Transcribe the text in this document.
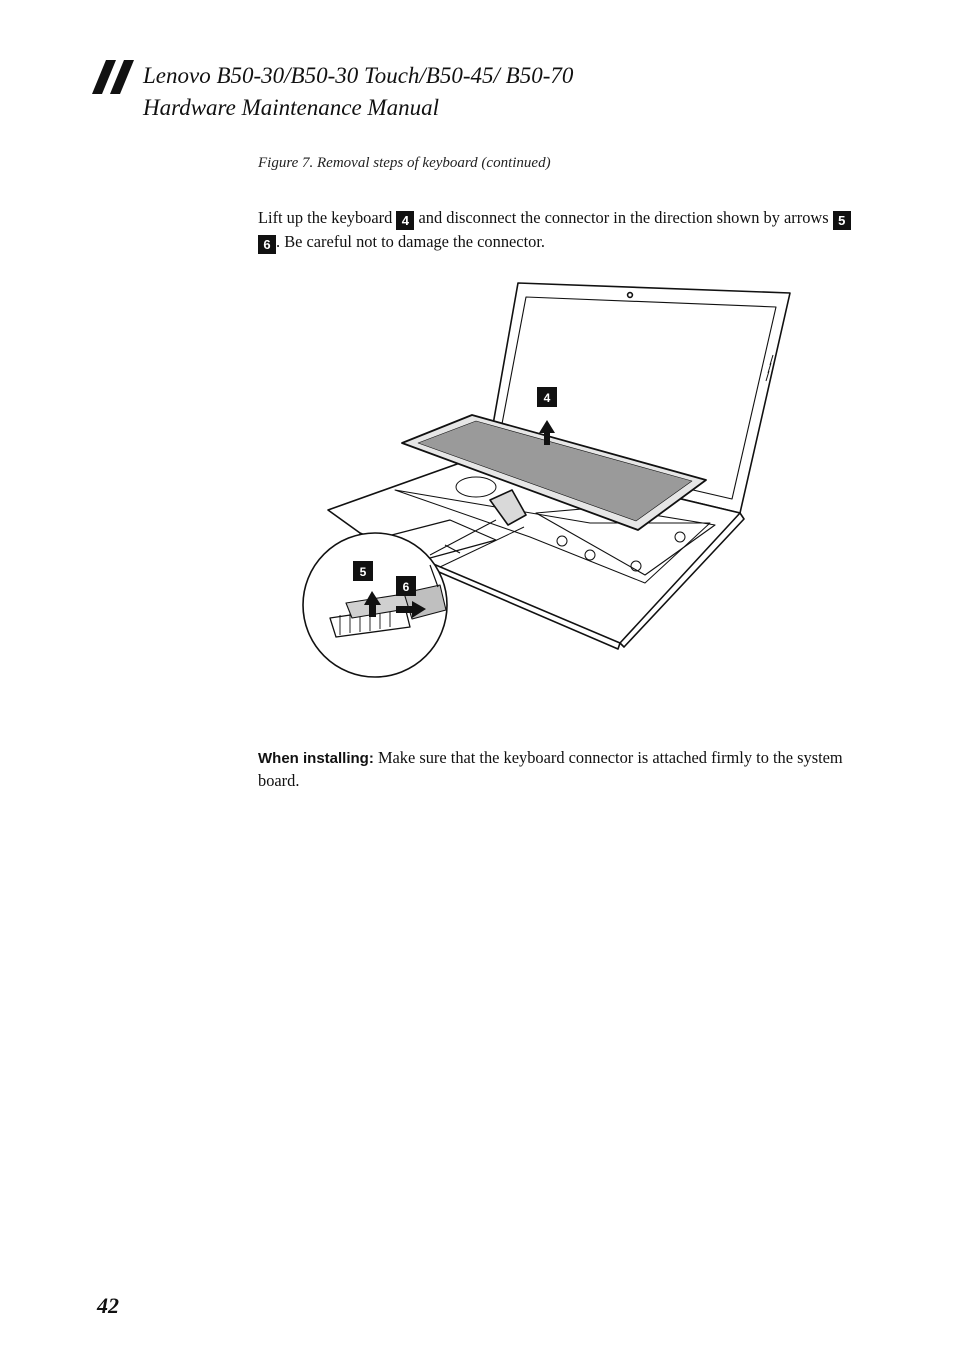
Lenovo B50-30/B50-30 Touch/B50-45/ B50-70
Hardware Maintenance Manual
Figure 7. Removal steps of keyboard (continued)
Lift up the keyboard 4 and disconnect the connector in the direction shown by arrows 5 6 . Be careful not to damage the connector.
4
5
6
When installing: Make sure that the keyboard connector is attached firmly to the system board.
42
